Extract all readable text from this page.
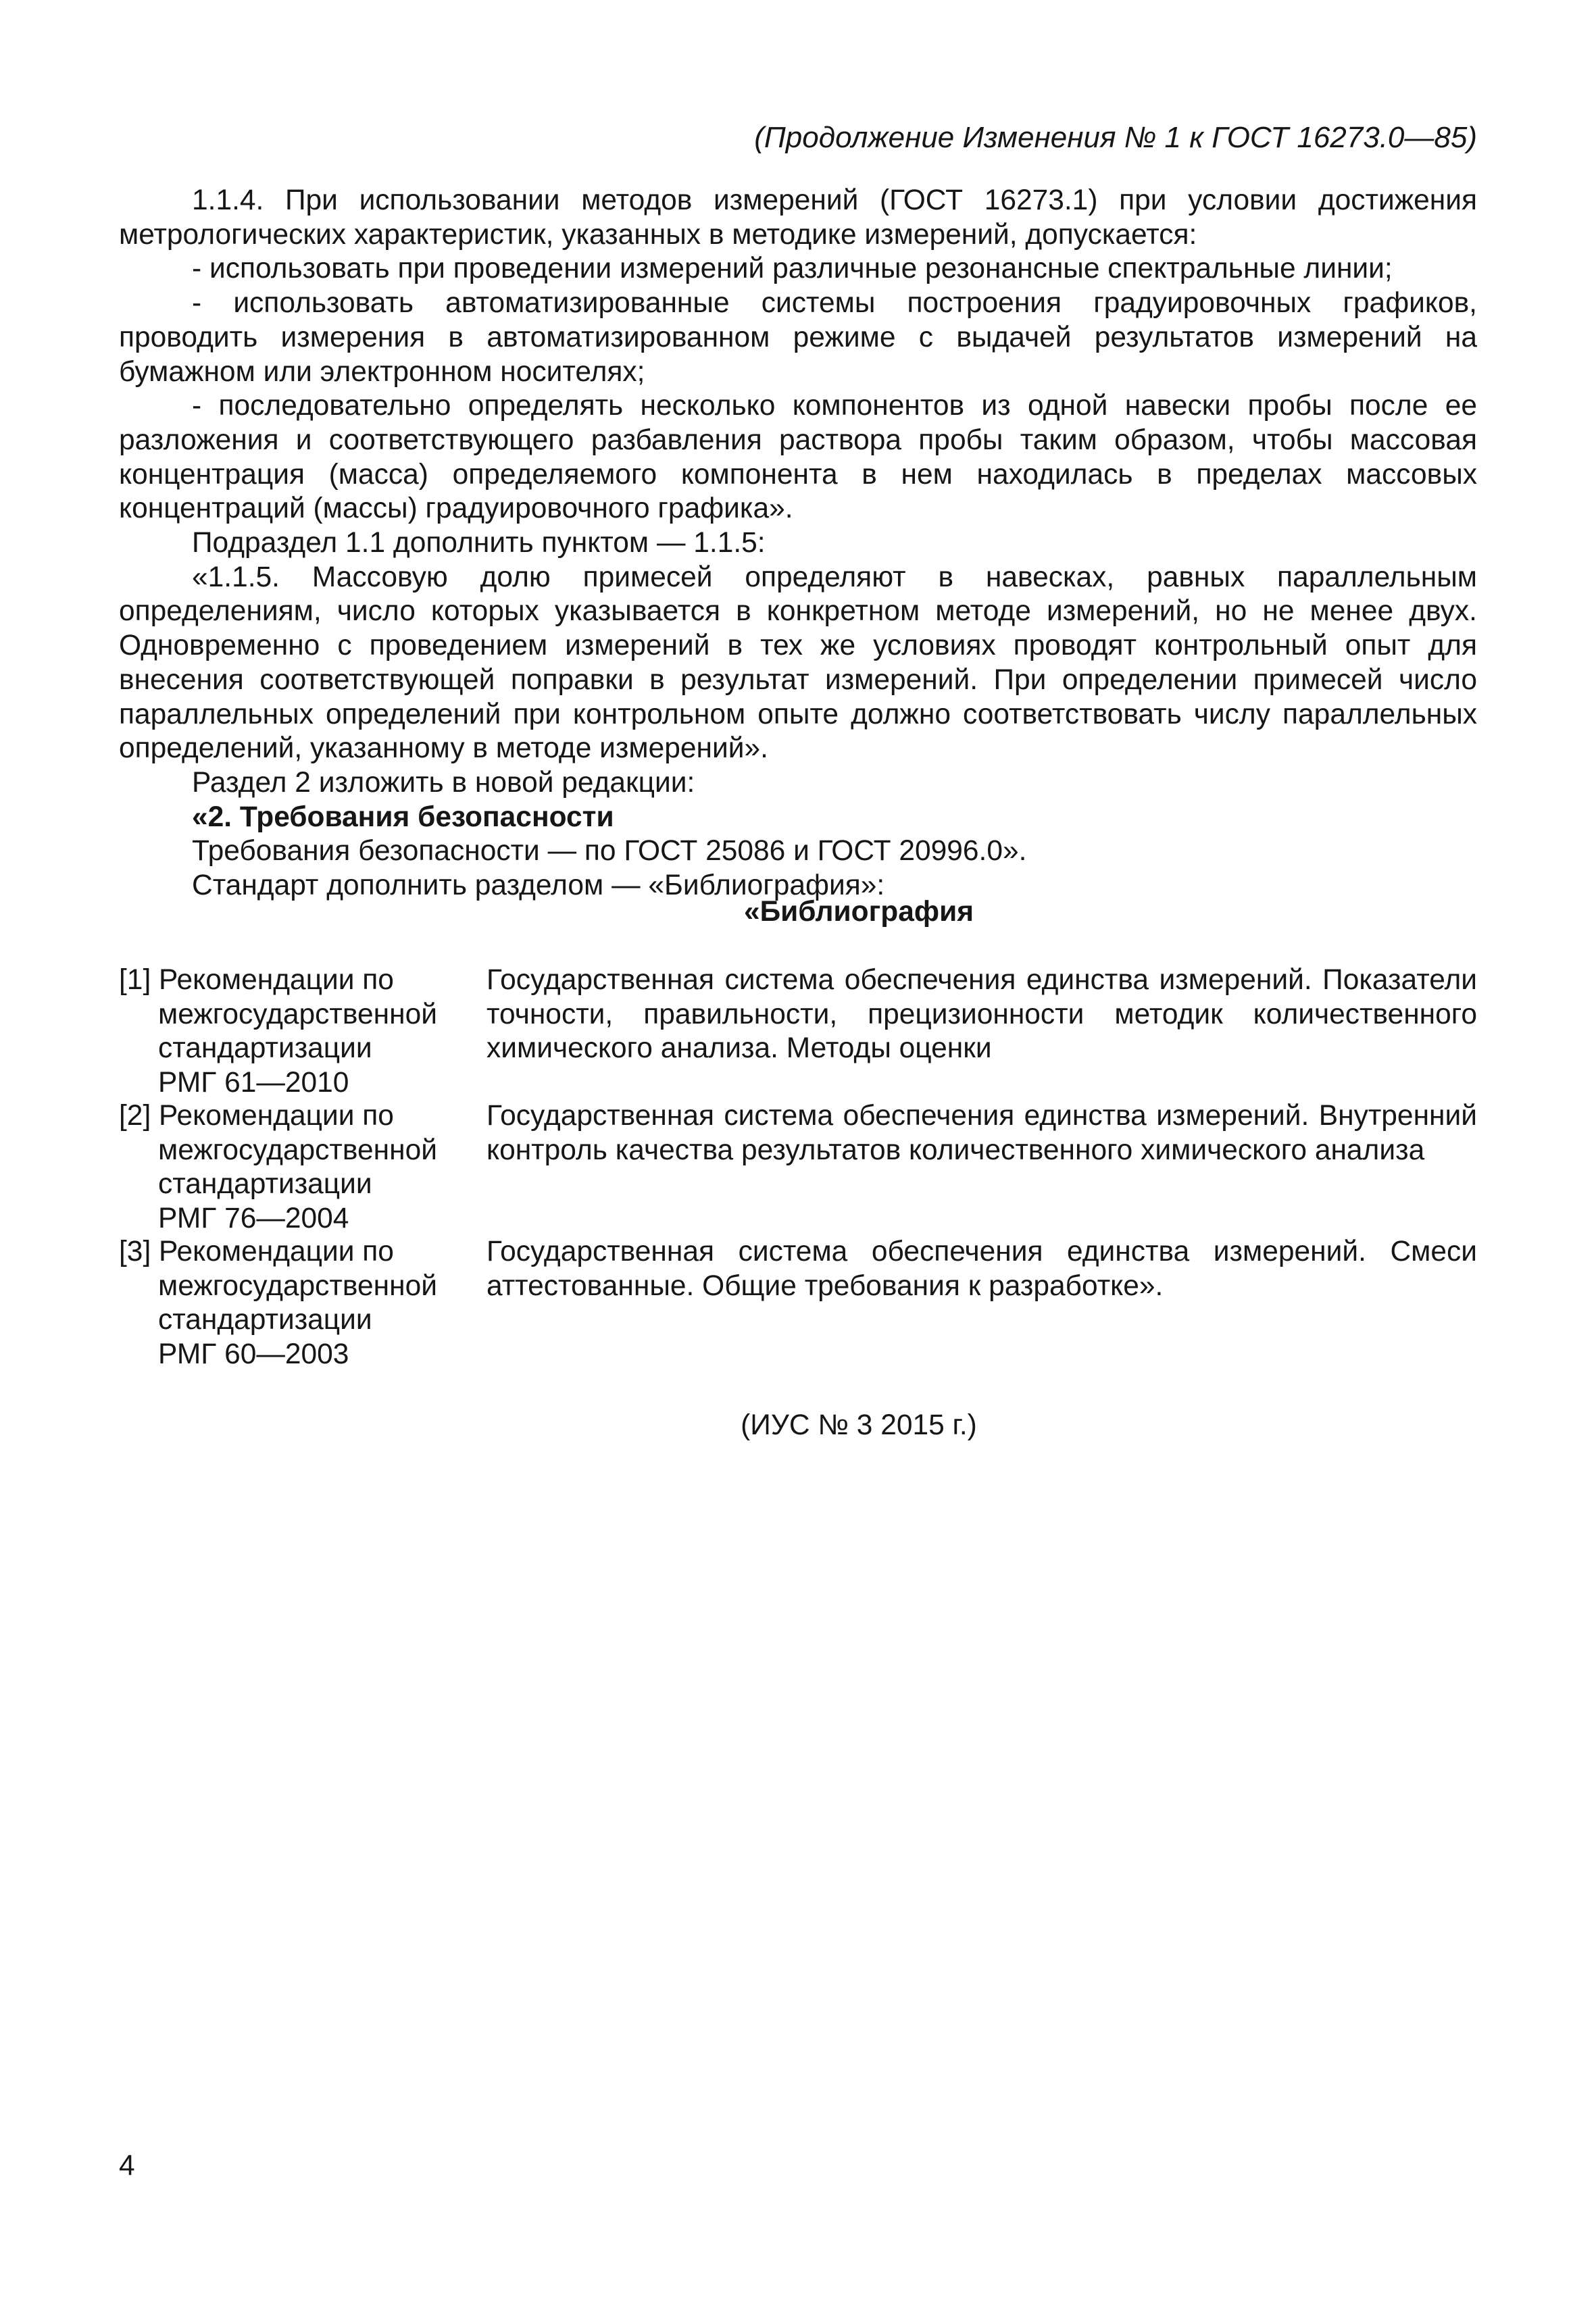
(Продолжение Изменения № 1 к ГОСТ 16273.0—85)

1.1.4. При использовании методов измерений (ГОСТ 16273.1) при условии достижения метрологических характеристик, указанных в методике измерений, допускается:

- использовать при проведении измерений различные резонансные спектральные линии;

- использовать автоматизированные системы построения градуировочных графиков, проводить измерения в автоматизированном режиме с выдачей результатов измерений на бумажном или электронном носителях;

- последовательно определять несколько компонентов из одной навески пробы после ее разложения и соответствующего разбавления раствора пробы таким образом, чтобы массовая концентрация (масса) определяемого компонента в нем находилась в пределах массовых концентраций (массы) градуировочного графика».

Подраздел 1.1 дополнить пунктом — 1.1.5:

«1.1.5. Массовую долю примесей определяют в навесках, равных параллельным определениям, число которых указывается в конкретном методе измерений, но не менее двух. Одновременно с проведением измерений в тех же условиях проводят контрольный опыт для внесения соответствующей поправки в результат измерений. При определении примесей число параллельных определений при контрольном опыте должно соответствовать числу параллельных определений, указанному в методе измерений».

Раздел 2 изложить в новой редакции:

«2. Требования безопасности

Требования безопасности — по ГОСТ 25086 и ГОСТ 20996.0».

Стандарт дополнить разделом — «Библиография»:

«Библиография
[1] Рекомендации по
межгосударственной
стандартизации
РМГ 61—2010
Государственная система обеспечения единства измерений. Показатели точности, правильности, прецизионности методик количественного химического анализа. Методы оценки
[2] Рекомендации по
межгосударственной
стандартизации
РМГ 76—2004
Государственная система обеспечения единства измерений. Внутренний контроль качества результатов количественного химического анализа
[3] Рекомендации по
межгосударственной
стандартизации
РМГ 60—2003
Государственная система обеспечения единства измерений. Смеси аттестованные. Общие требования к разработке».
(ИУС № 3 2015 г.)
4
